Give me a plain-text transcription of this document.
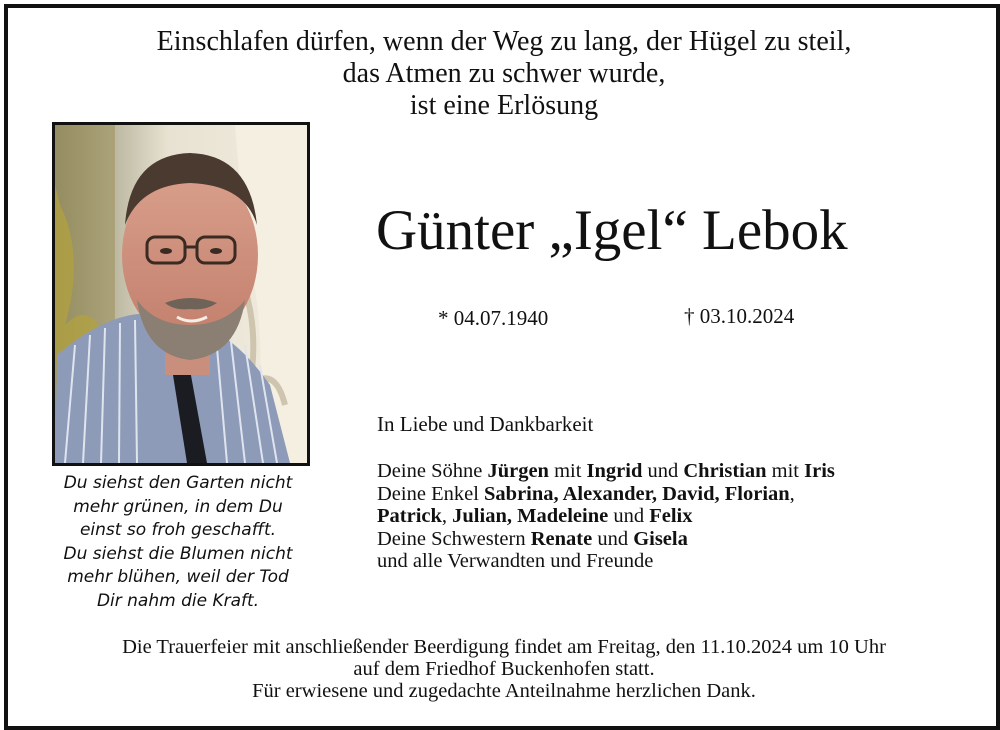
Einschlafen dürfen, wenn der Weg zu lang, der Hügel zu steil,
das Atmen zu schwer wurde,
ist eine Erlösung
Du siehst den Garten nicht
mehr grünen, in dem Du
einst so froh geschafft.
Du siehst die Blumen nicht
mehr blühen, weil der Tod
Dir nahm die Kraft.
Günter „Igel“ Lebok
* 04.07.1940	† 03.10.2024
In Liebe und Dankbarkeit
Deine Söhne Jürgen mit Ingrid und Christian mit Iris
Deine Enkel Sabrina, Alexander, David, Florian,
Patrick, Julian, Madeleine und Felix
Deine Schwestern Renate und Gisela
und alle Verwandten und Freunde
Die Trauerfeier mit anschließender Beerdigung findet am Freitag, den 11.10.2024 um 10 Uhr
auf dem Friedhof Buckenhofen statt.
Für erwiesene und zugedachte Anteilnahme herzlichen Dank.
